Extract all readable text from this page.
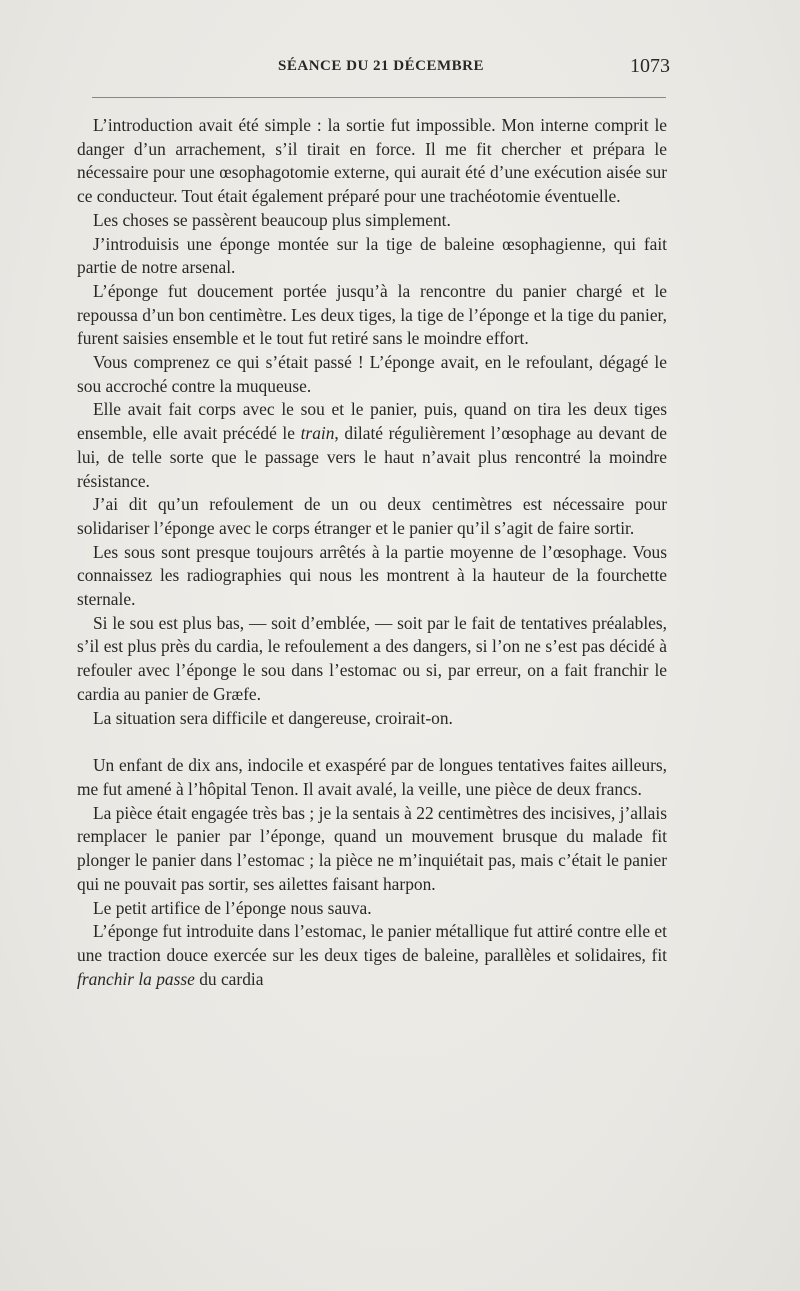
SÉANCE DU 21 DÉCEMBRE	1073

L’introduction avait été simple : la sortie fut impossible. Mon interne comprit le danger d’un arrachement, s’il tirait en force. Il me fit chercher et prépara le nécessaire pour une œsophagotomie externe, qui aurait été d’une exécution aisée sur ce conducteur. Tout était également préparé pour une trachéotomie éventuelle.

Les choses se passèrent beaucoup plus simplement.

J’introduisis une éponge montée sur la tige de baleine œsophagienne, qui fait partie de notre arsenal.

L’éponge fut doucement portée jusqu’à la rencontre du panier chargé et le repoussa d’un bon centimètre. Les deux tiges, la tige de l’éponge et la tige du panier, furent saisies ensemble et le tout fut retiré sans le moindre effort.

Vous comprenez ce qui s’était passé ! L’éponge avait, en le refoulant, dégagé le sou accroché contre la muqueuse.

Elle avait fait corps avec le sou et le panier, puis, quand on tira les deux tiges ensemble, elle avait précédé le train, dilaté régulièrement l’œsophage au devant de lui, de telle sorte que le passage vers le haut n’avait plus rencontré la moindre résistance.

J’ai dit qu’un refoulement de un ou deux centimètres est nécessaire pour solidariser l’éponge avec le corps étranger et le panier qu’il s’agit de faire sortir.

Les sous sont presque toujours arrêtés à la partie moyenne de l’œsophage. Vous connaissez les radiographies qui nous les montrent à la hauteur de la fourchette sternale.

Si le sou est plus bas, — soit d’emblée, — soit par le fait de tentatives préalables, s’il est plus près du cardia, le refoulement a des dangers, si l’on ne s’est pas décidé à refouler avec l’éponge le sou dans l’estomac ou si, par erreur, on a fait franchir le cardia au panier de Græfe.

La situation sera difficile et dangereuse, croirait-on.

Un enfant de dix ans, indocile et exaspéré par de longues tentatives faites ailleurs, me fut amené à l’hôpital Tenon. Il avait avalé, la veille, une pièce de deux francs.

La pièce était engagée très bas ; je la sentais à 22 centimètres des incisives, j’allais remplacer le panier par l’éponge, quand un mouvement brusque du malade fit plonger le panier dans l’estomac ; la pièce ne m’inquiétait pas, mais c’était le panier qui ne pouvait pas sortir, ses ailettes faisant harpon.

Le petit artifice de l’éponge nous sauva.

L’éponge fut introduite dans l’estomac, le panier métallique fut attiré contre elle et une traction douce exercée sur les deux tiges de baleine, parallèles et solidaires, fit franchir la passe du cardia
